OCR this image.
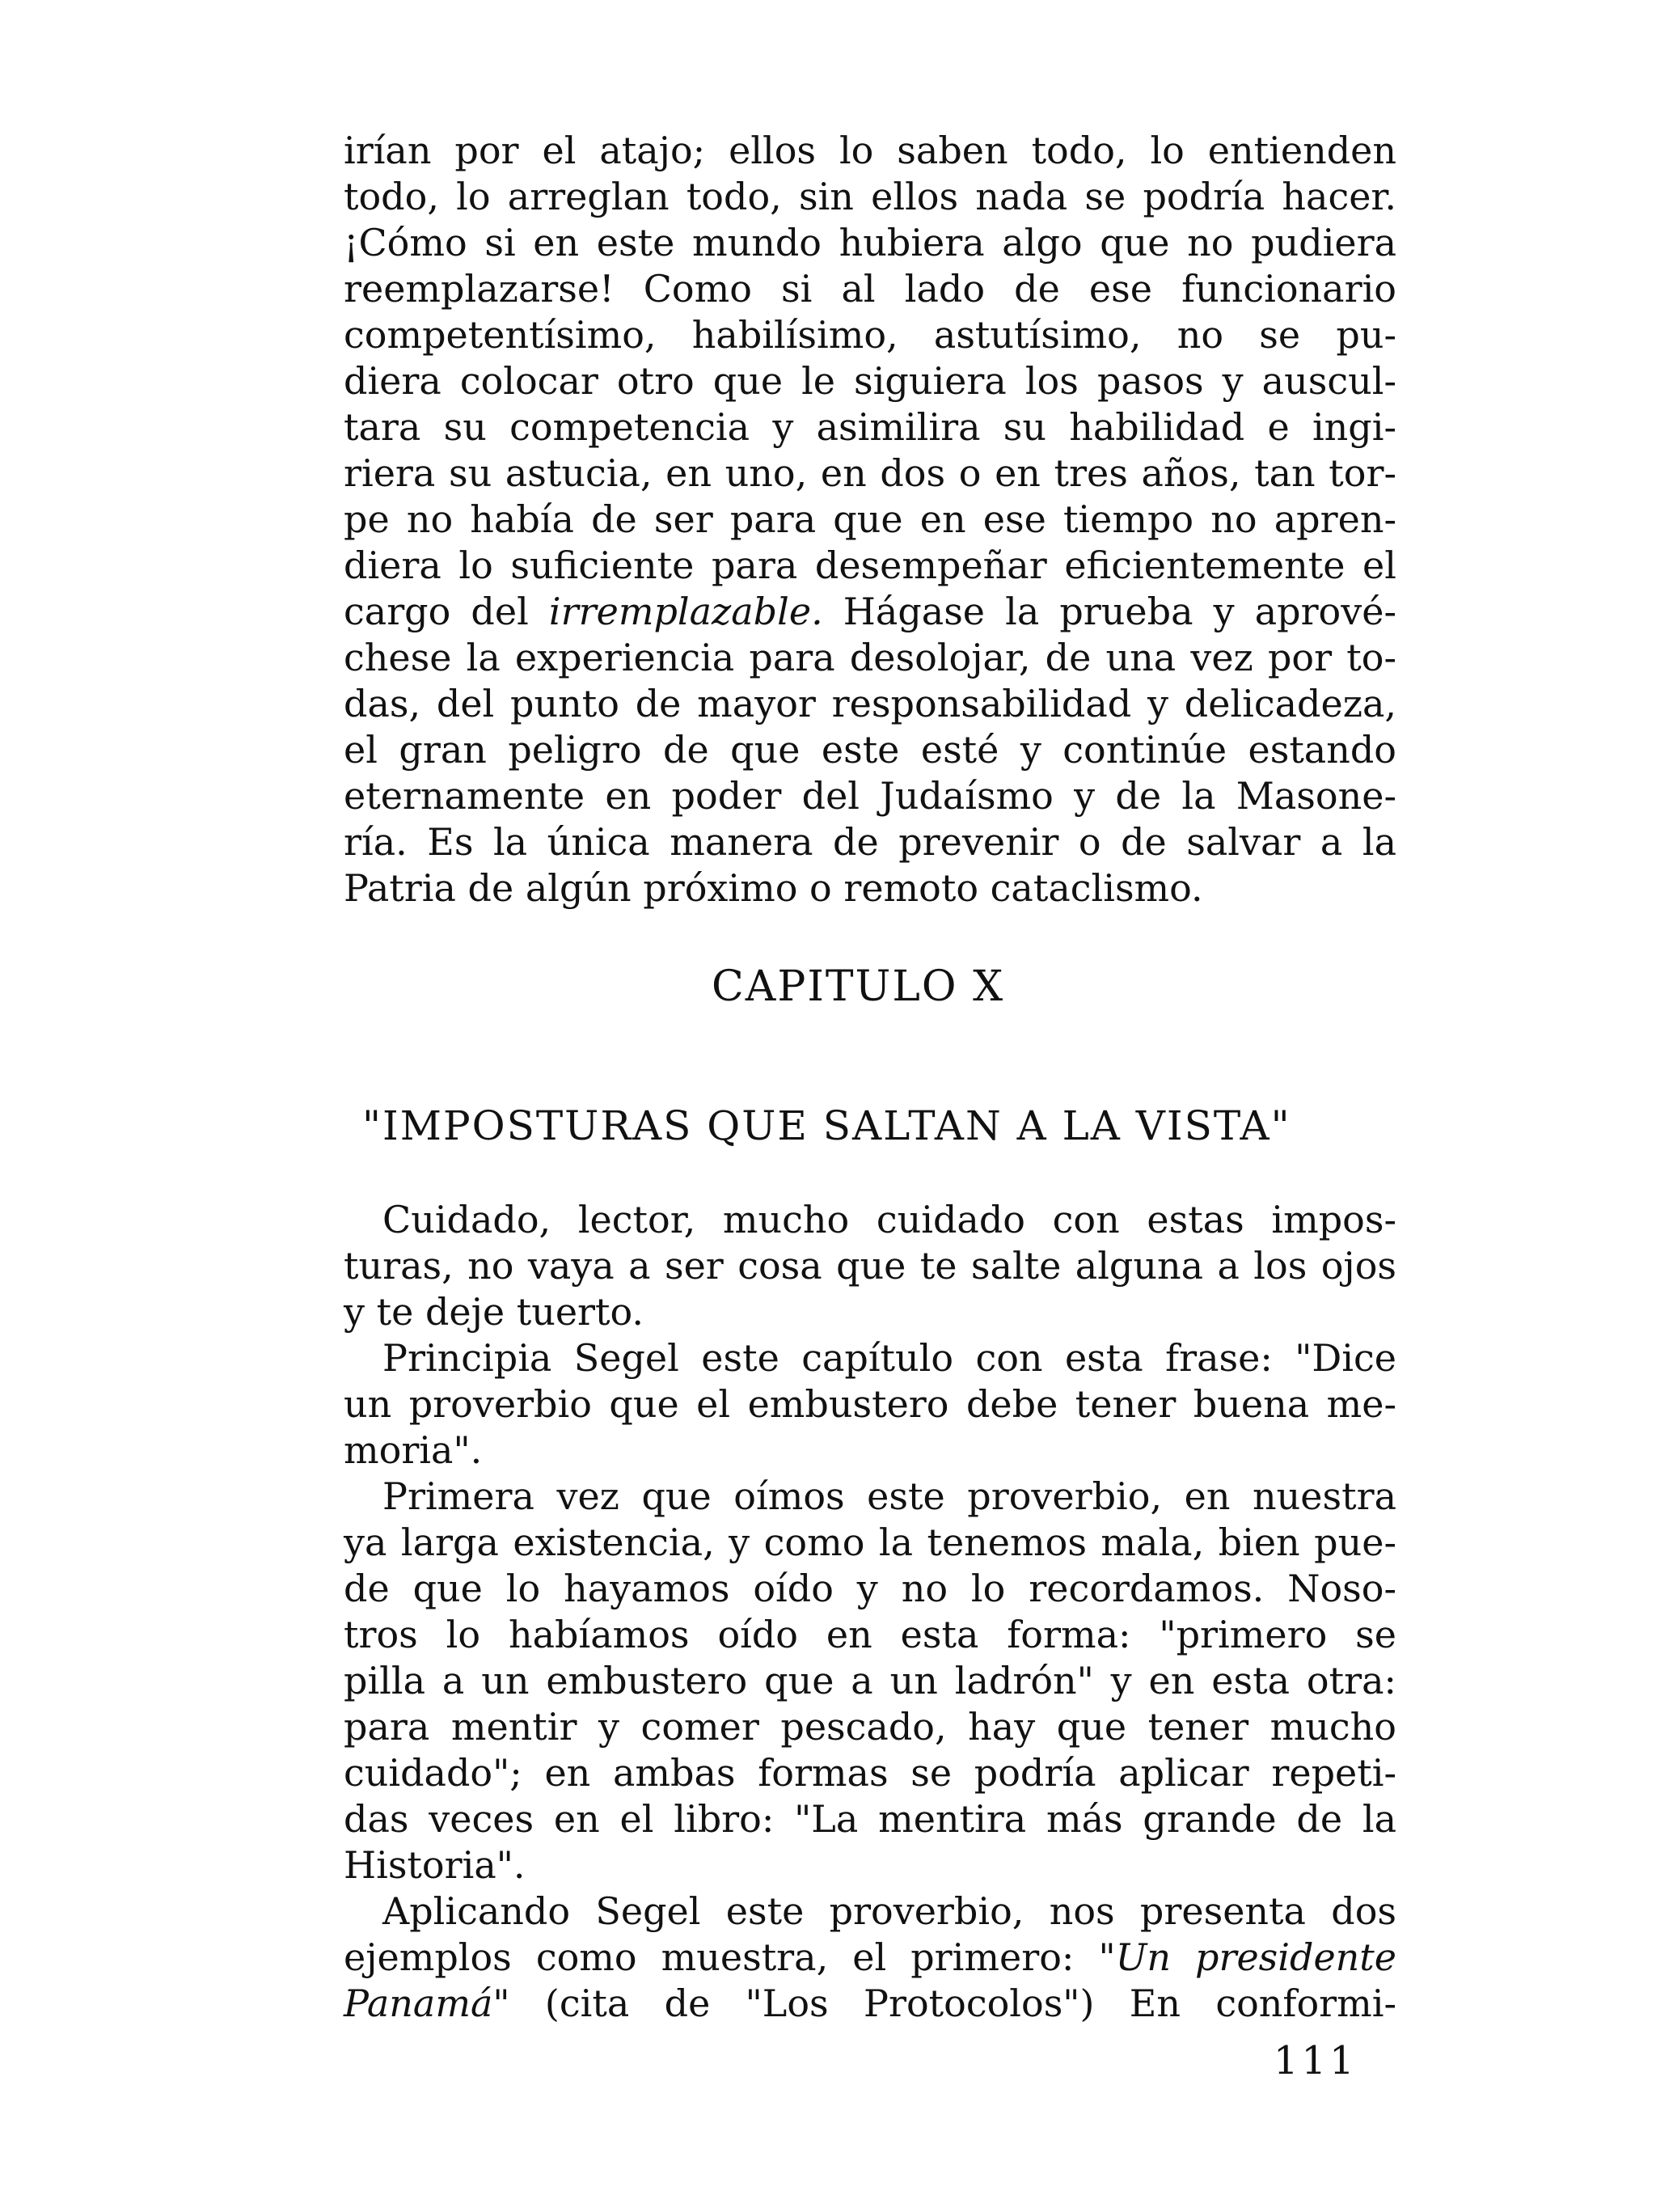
irían por el atajo; ellos lo saben todo, lo entienden
todo, lo arreglan todo, sin ellos nada se podría hacer.
¡Cómo si en este mundo hubiera algo que no pudiera
reemplazarse! Como si al lado de ese funcionario
competentísimo, habilísimo, astutísimo, no se pu-
diera colocar otro que le siguiera los pasos y auscul-
tara su competencia y asimilira su habilidad e ingi-
riera su astucia, en uno, en dos o en tres años, tan tor-
pe no había de ser para que en ese tiempo no apren-
diera lo suficiente para desempeñar eficientemente el
cargo del irremplazable. Hágase la prueba y aprové-
chese la experiencia para desolojar, de una vez por to-
das, del punto de mayor responsabilidad y delicadeza,
el gran peligro de que este esté y continúe estando
eternamente en poder del Judaísmo y de la Masone-
ría. Es la única manera de prevenir o de salvar a la
Patria de algún próximo o remoto cataclismo.
CAPITULO X
"IMPOSTURAS QUE SALTAN A LA VISTA"
Cuidado, lector, mucho cuidado con estas impos-
turas, no vaya a ser cosa que te salte alguna a los ojos
y te deje tuerto.
Principia Segel este capítulo con esta frase: "Dice
un proverbio que el embustero debe tener buena me-
moria".
Primera vez que oímos este proverbio, en nuestra
ya larga existencia, y como la tenemos mala, bien pue-
de que lo hayamos oído y no lo recordamos. Noso-
tros lo habíamos oído en esta forma: "primero se
pilla a un embustero que a un ladrón" y en esta otra:
para mentir y comer pescado, hay que tener mucho
cuidado"; en ambas formas se podría aplicar repeti-
das veces en el libro: "La mentira más grande de la
Historia".
Aplicando Segel este proverbio, nos presenta dos
ejemplos como muestra, el primero: "Un presidente
Panamá" (cita de "Los Protocolos") En conformi-
111
